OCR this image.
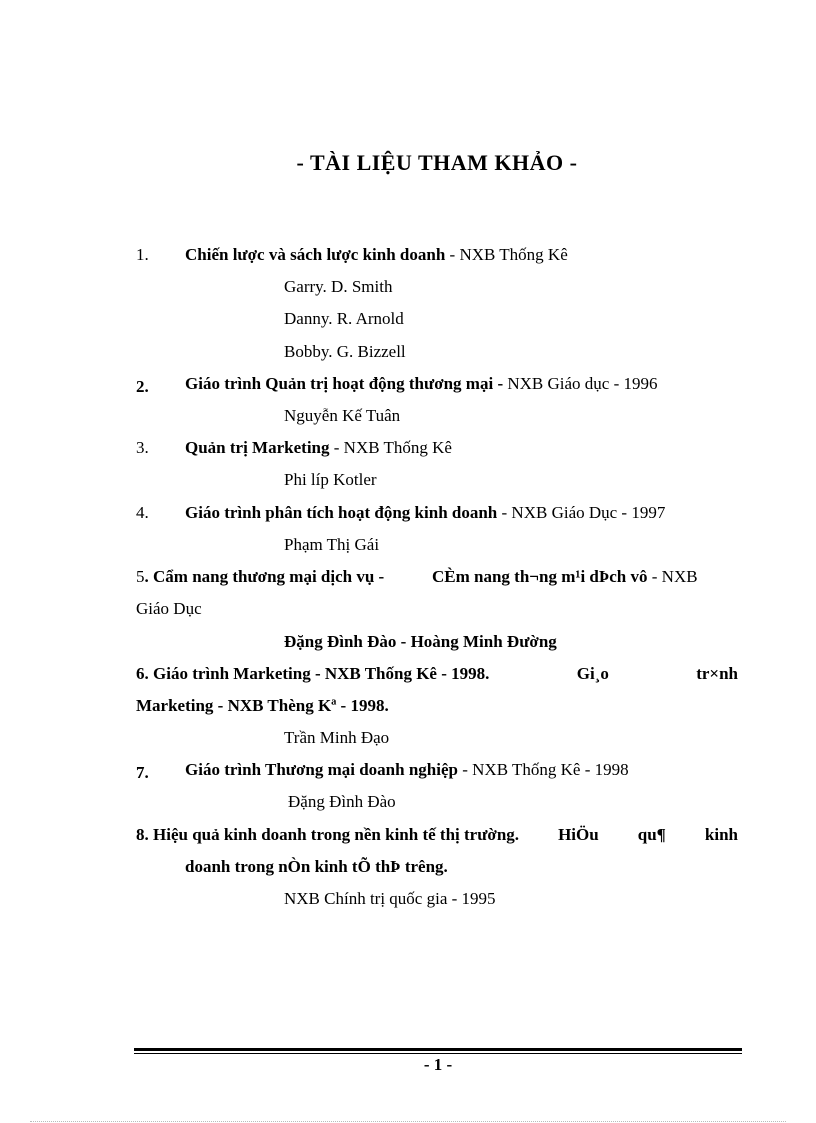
- TÀI LIỆU THAM KHẢO -
1. Chiến lược và sách lược kinh doanh - NXB Thống Kê
Garry. D. Smith
Danny. R. Arnold
Bobby. G. Bizzell
2. Giáo trình Quản trị hoạt động thương mại - NXB Giáo dục - 1996
Nguyễn Kế Tuân
3. Quản trị Marketing - NXB Thống Kê
Phi líp Kotler
4. Giáo trình phân tích hoạt động kinh doanh - NXB Giáo Dục - 1997
Phạm Thị Gái
5. Cẩm nang thương mại dịch vụ -	CÈm nang th¬ng m¹i dÞch vô - NXB
Giáo Dục
Đặng Đình Đào - Hoàng Minh Đường
6. Giáo trình Marketing - NXB Thống Kê - 1998.	Gi¸o	tr×nh
Marketing - NXB Thèng Kª - 1998.
Trần Minh Đạo
7. Giáo trình Thương mại doanh nghiệp - NXB Thống Kê - 1998
Đặng Đình Đào
8. Hiệu quả kinh doanh trong nền kinh tế thị trường. HiÖu qu¶ kinh
doanh trong nÒn kinh tÕ thÞ trêng.
NXB Chính trị quốc gia - 1995
- 1 -
